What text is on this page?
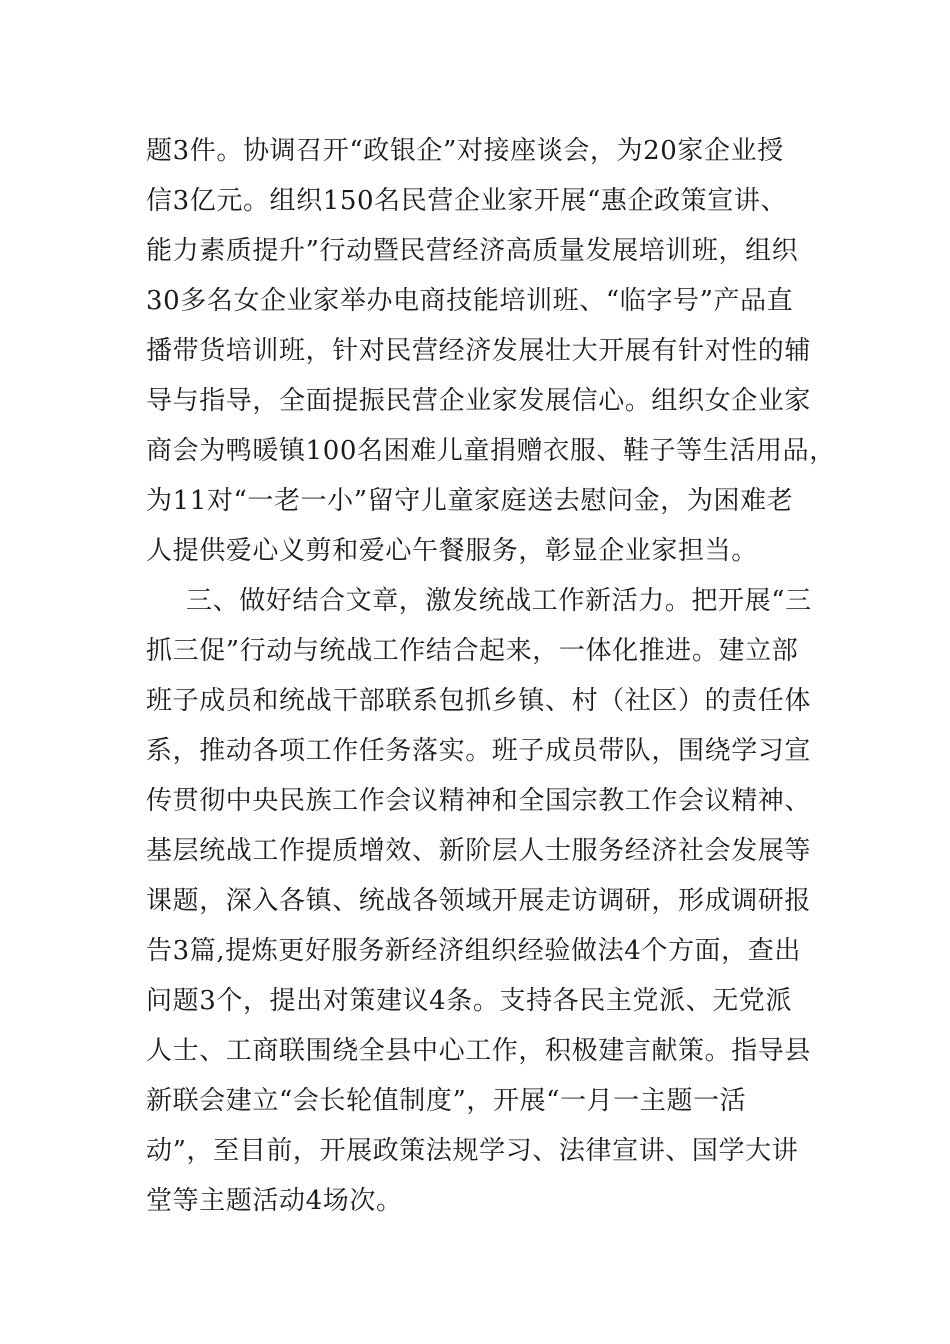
题3件。协调召开“政银企”对接座谈会，为20家企业授
信3亿元。组织150名民营企业家开展“惠企政策宣讲、
能力素质提升”行动暨民营经济高质量发展培训班，组织
30多名女企业家举办电商技能培训班、“临字号”产品直
播带货培训班，针对民营经济发展壮大开展有针对性的辅
导与指导，全面提振民营企业家发展信心。组织女企业家
商会为鸭暖镇100名困难儿童捐赠衣服、鞋子等生活用品，
为11对“一老一小”留守儿童家庭送去慰问金，为困难老
人提供爱心义剪和爱心午餐服务，彰显企业家担当。
三、做好结合文章，激发统战工作新活力。把开展“三
抓三促”行动与统战工作结合起来，一体化推进。建立部
班子成员和统战干部联系包抓乡镇、村（社区）的责任体
系，推动各项工作任务落实。班子成员带队，围绕学习宣
传贯彻中央民族工作会议精神和全国宗教工作会议精神、
基层统战工作提质增效、新阶层人士服务经济社会发展等
课题，深入各镇、统战各领域开展走访调研，形成调研报
告3篇,提炼更好服务新经济组织经验做法4个方面，查出
问题3个，提出对策建议4条。支持各民主党派、无党派
人士、工商联围绕全县中心工作，积极建言献策。指导县
新联会建立“会长轮值制度”，开展“一月一主题一活
动”，至目前，开展政策法规学习、法律宣讲、国学大讲
堂等主题活动4场次。
